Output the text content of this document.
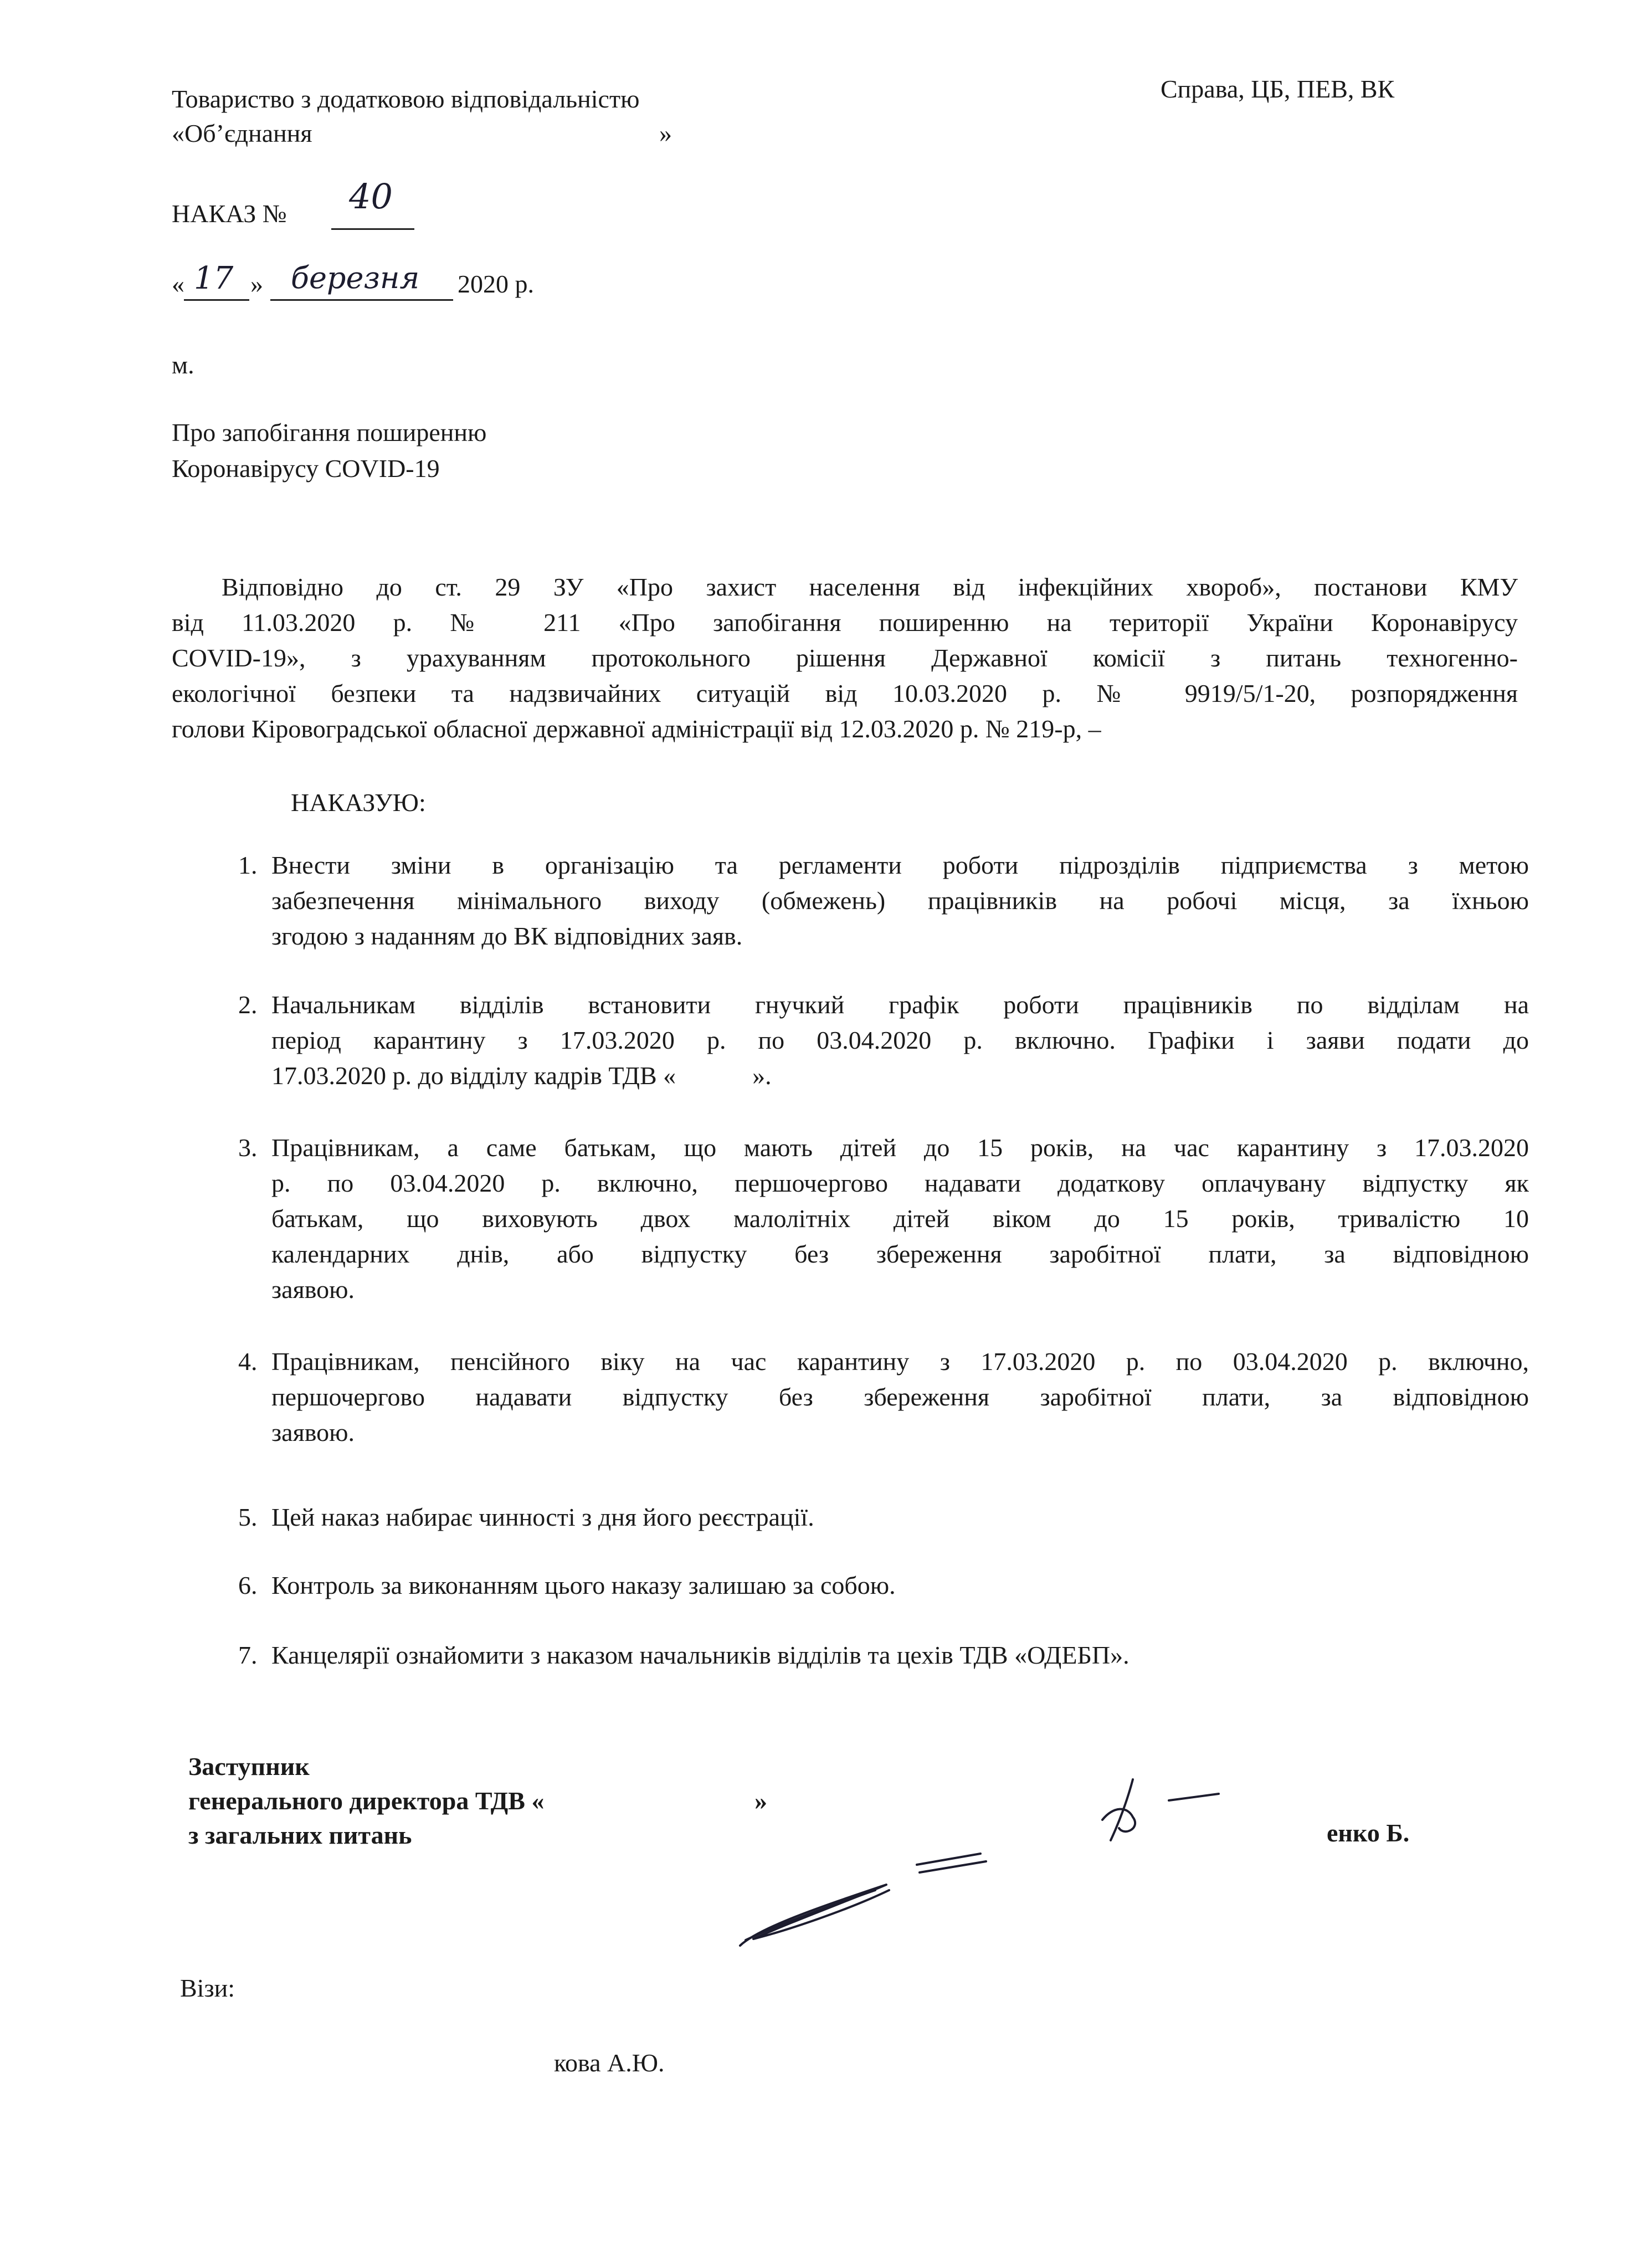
Товариство з додатковою відповідальністю
«Об’єднання	»
Справа, ЦБ, ПЕВ, ВК
НАКАЗ № 40
« 17 » березня 2020 р.
м.
Про запобігання поширенню
Коронавірусу COVID-19
Відповідно до ст. 29 ЗУ «Про захист населення від інфекційних хвороб», постанови КМУ
від 11.03.2020 р. № 211 «Про запобігання поширенню на території України Коронавірусу
COVID-19», з урахуванням протокольного рішення Державної комісії з питань техногенно-
екологічної безпеки та надзвичайних ситуацій від 10.03.2020 р. № 9919/5/1-20, розпорядження
голови Кіровоградської обласної державної адміністрації від 12.03.2020 р. № 219-р, –
НАКАЗУЮ:
1. Внести зміни в організацію та регламенти роботи підрозділів підприємства з метою
забезпечення мінімального виходу (обмежень) працівників на робочі місця, за їхньою
згодою з наданням до ВК відповідних заяв.
2. Начальникам відділів встановити гнучкий графік роботи працівників по відділам на
період карантину з 17.03.2020 р. по 03.04.2020 р. включно. Графіки і заяви подати до
17.03.2020 р. до відділу кадрів ТДВ «            ».
3. Працівникам, а саме батькам, що мають дітей до 15 років, на час карантину з 17.03.2020
р. по 03.04.2020 р. включно, першочергово надавати додаткову оплачувану відпустку як
батькам, що виховують двох малолітніх дітей віком до 15 років, тривалістю 10
календарних днів, або відпустку без збереження заробітної плати, за відповідною
заявою.
4. Працівникам, пенсійного віку на час карантину з 17.03.2020 р. по 03.04.2020 р. включно,
першочергово надавати відпустку без збереження заробітної плати, за відповідною
заявою.
5. Цей наказ набирає чинності з дня його реєстрації.
6. Контроль за виконанням цього наказу залишаю за собою.
7. Канцелярії ознайомити з наказом начальників відділів та цехів ТДВ «ОДЕБП».
Заступник
генерального директора ТДВ «	»
з загальних питань	енко Б.
Візи:
кова А.Ю.
